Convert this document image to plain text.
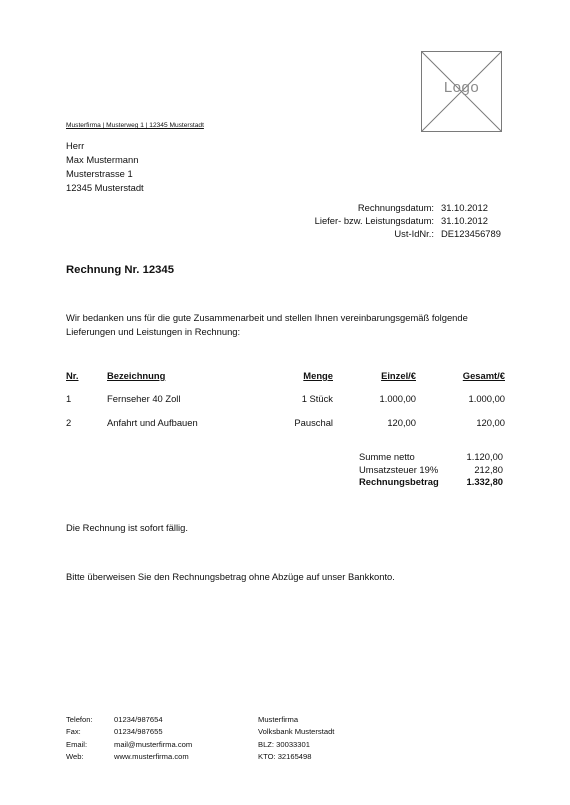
Logo
Musterfirma | Musterweg 1 | 12345 Musterstadt
Herr
Max Mustermann
Musterstrasse 1
12345 Musterstadt
Rechnungsdatum: 31.10.2012
Liefer- bzw. Leistungsdatum: 31.10.2012
Ust-IdNr.: DE123456789
Rechnung Nr. 12345
Wir bedanken uns für die gute Zusammenarbeit und stellen Ihnen vereinbarungsgemäß folgende
Lieferungen und Leistungen in Rechnung:
Nr.	Bezeichnung	Menge	Einzel/€	Gesamt/€
1	Fernseher 40 Zoll	1 Stück	1.000,00	1.000,00
2	Anfahrt und Aufbauen	Pauschal	120,00	120,00
Summe netto	1.120,00
Umsatzsteuer 19%	212,80
Rechnungsbetrag	1.332,80
Die Rechnung ist sofort fällig.
Bitte überweisen Sie den Rechnungsbetrag ohne Abzüge auf unser Bankkonto.
Telefon:	01234/987654
Fax:	01234/987655
Email:	mail@musterfirma.com
Web:	www.musterfirma.com
Musterfirma
Volksbank Musterstadt
BLZ: 30033301
KTO: 32165498
